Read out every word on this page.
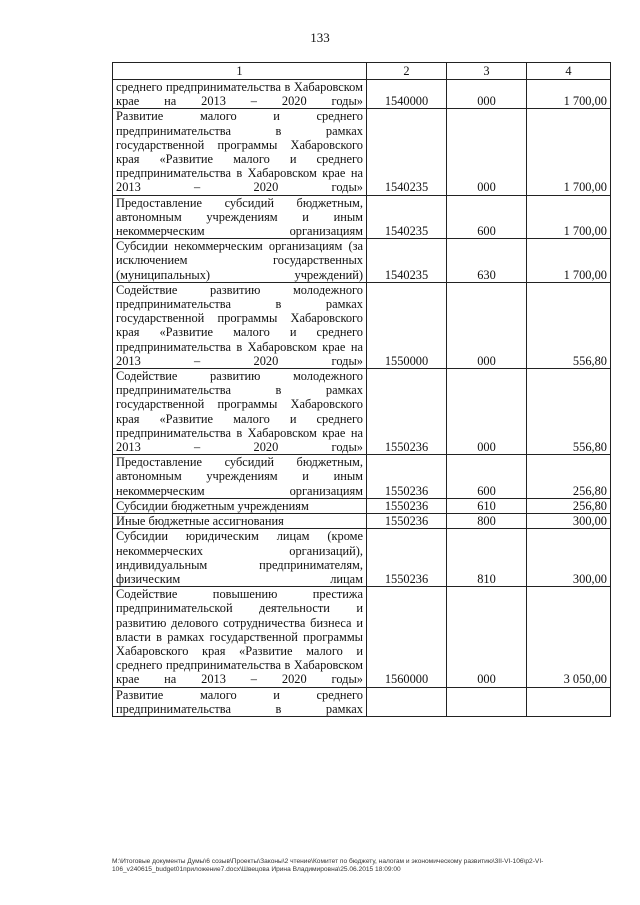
133
1	2	3	4
среднего предпринимательства в Хабаровском крае на 2013 – 2020 годы»	1540000	000	1 700,00
Развитие малого и среднего предпринимательства в рамках государственной программы Хабаровского края «Развитие малого и среднего предпринимательства в Хабаровском крае на 2013 – 2020 годы»	1540235	000	1 700,00
Предоставление субсидий бюджетным, автономным учреждениям и иным некоммерческим организациям	1540235	600	1 700,00
Субсидии некоммерческим организациям (за исключением государственных (муниципальных) учреждений)	1540235	630	1 700,00
Содействие развитию молодежного предпринимательства в рамках государственной программы Хабаровского края «Развитие малого и среднего предпринимательства в Хабаровском крае на 2013 – 2020 годы»	1550000	000	556,80
Содействие развитию молодежного предпринимательства в рамках государственной программы Хабаровского края «Развитие малого и среднего предпринимательства в Хабаровском крае на 2013 – 2020 годы»	1550236	000	556,80
Предоставление субсидий бюджетным, автономным учреждениям и иным некоммерческим организациям	1550236	600	256,80
Субсидии бюджетным учреждениям	1550236	610	256,80
Иные бюджетные ассигнования	1550236	800	300,00
Субсидии юридическим лицам (кроме некоммерческих организаций), индивидуальным предпринимателям, физическим лицам	1550236	810	300,00
Содействие повышению престижа предпринимательской деятельности и развитию делового сотрудничества бизнеса и власти в рамках государственной программы Хабаровского края «Развитие малого и среднего предпринимательства в Хабаровском крае на 2013 – 2020 годы»	1560000	000	3 050,00
Развитие малого и среднего предпринимательства в рамках			
M:\Итоговые документы Думы\6 созыв\Проекты\Законы\2 чтение\Комитет по бюджету, налогам и экономическому развитию\3II-VI-106\р2-VI-
106_v240615_budget01приложение7.docx\Швецова Ирина Владимировна\25.06.2015 18:09:00
